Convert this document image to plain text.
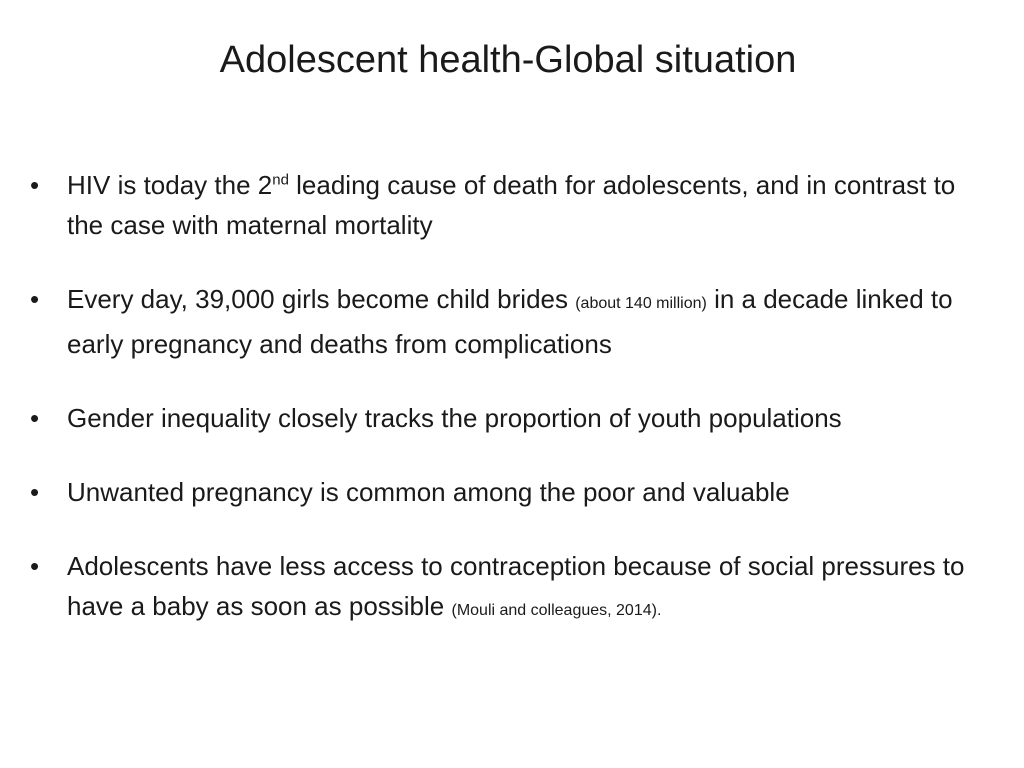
Adolescent health-Global situation
•	HIV is today the 2nd leading cause of death for adolescents, and in contrast to the case with maternal mortality
•	Every day, 39,000 girls become child brides (about 140 million) in a decade linked to early pregnancy and deaths from complications
•	Gender inequality closely tracks the proportion of youth populations
•	Unwanted pregnancy is common among the poor and valuable
•	Adolescents have less access to contraception because of social pressures to have a baby as soon as possible (Mouli and colleagues, 2014).
